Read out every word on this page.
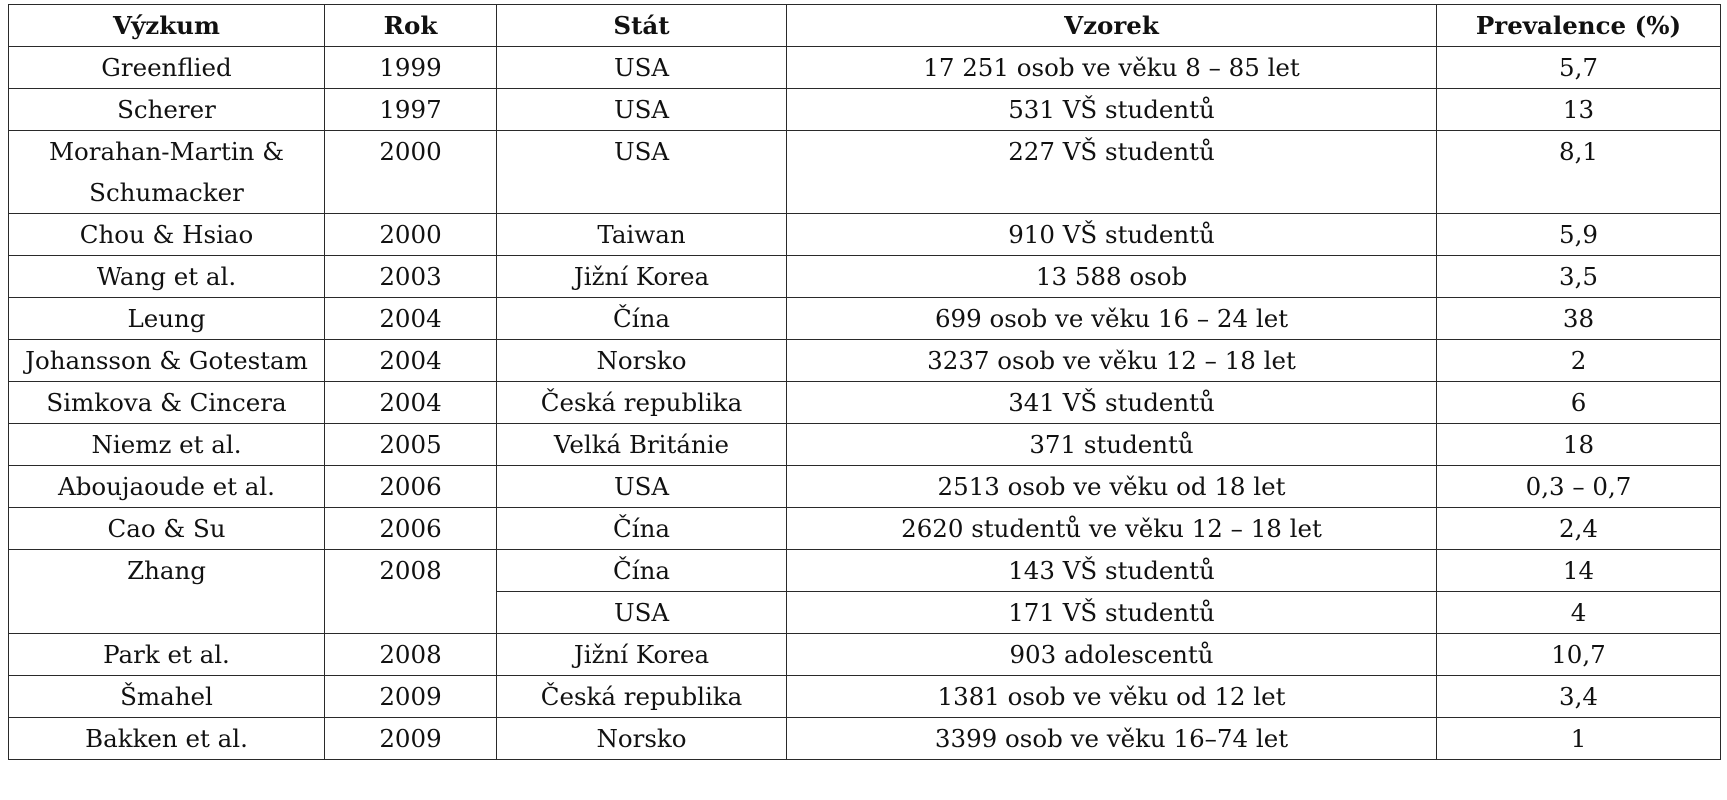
Výzkum	Rok	Stát	Vzorek	Prevalence (%)
Greenflied	1999	USA	17 251 osob ve věku 8 – 85 let	5,7
Scherer	1997	USA	531 VŠ studentů	13
Morahan-Martin & Schumacker	2000	USA	227 VŠ studentů	8,1
Chou & Hsiao	2000	Taiwan	910 VŠ studentů	5,9
Wang et al.	2003	Jižní Korea	13 588 osob	3,5
Leung	2004	Čína	699 osob ve věku 16 – 24 let	38
Johansson & Gotestam	2004	Norsko	3237 osob ve věku 12 – 18 let	2
Simkova & Cincera	2004	Česká republika	341 VŠ studentů	6
Niemz et al.	2005	Velká Británie	371 studentů	18
Aboujaoude et al.	2006	USA	2513 osob ve věku od 18 let	0,3 – 0,7
Cao & Su	2006	Čína	2620 studentů ve věku 12 – 18 let	2,4
Zhang	2008	Čína	143 VŠ studentů	14
		USA	171 VŠ studentů	4
Park et al.	2008	Jižní Korea	903 adolescentů	10,7
Šmahel	2009	Česká republika	1381 osob ve věku od 12 let	3,4
Bakken et al.	2009	Norsko	3399 osob ve věku 16–74 let	1
